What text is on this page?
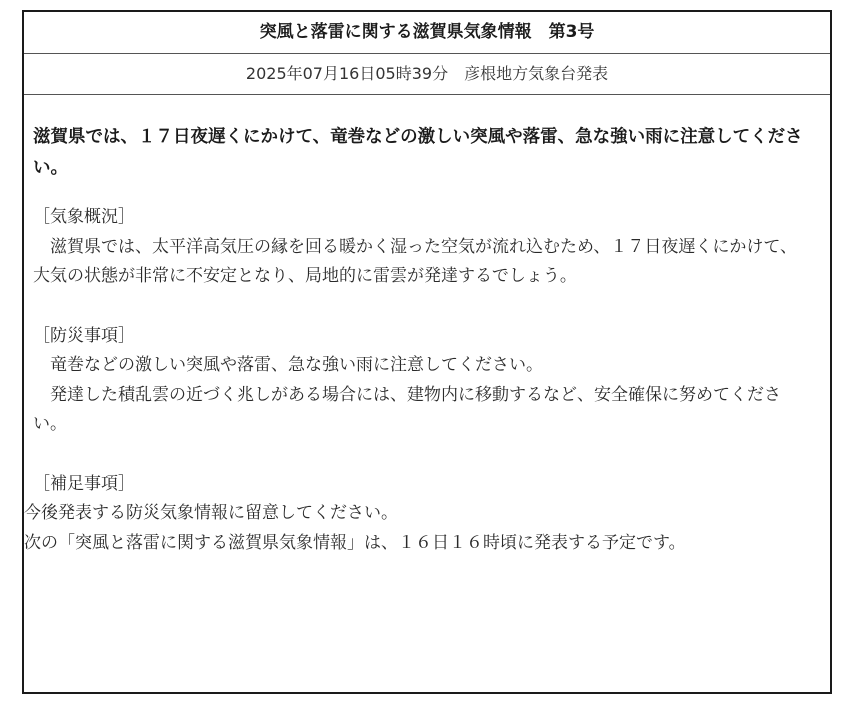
突風と落雷に関する滋賀県気象情報　第3号
2025年07月16日05時39分　彦根地方気象台発表
滋賀県では、１７日夜遅くにかけて、竜巻などの激しい突風や落雷、急な強い雨に注意してください。
［気象概況］

　滋賀県では、太平洋高気圧の縁を回る暖かく湿った空気が流れ込むため、１７日夜遅くにかけて、大気の状態が非常に不安定となり、局地的に雷雲が発達するでしょう。

［防災事項］

　竜巻などの激しい突風や落雷、急な強い雨に注意してください。

　発達した積乱雲の近づく兆しがある場合には、建物内に移動するなど、安全確保に努めてください。

［補足事項］

今後発表する防災気象情報に留意してください。

次の「突風と落雷に関する滋賀県気象情報」は、１６日１６時頃に発表する予定です。
